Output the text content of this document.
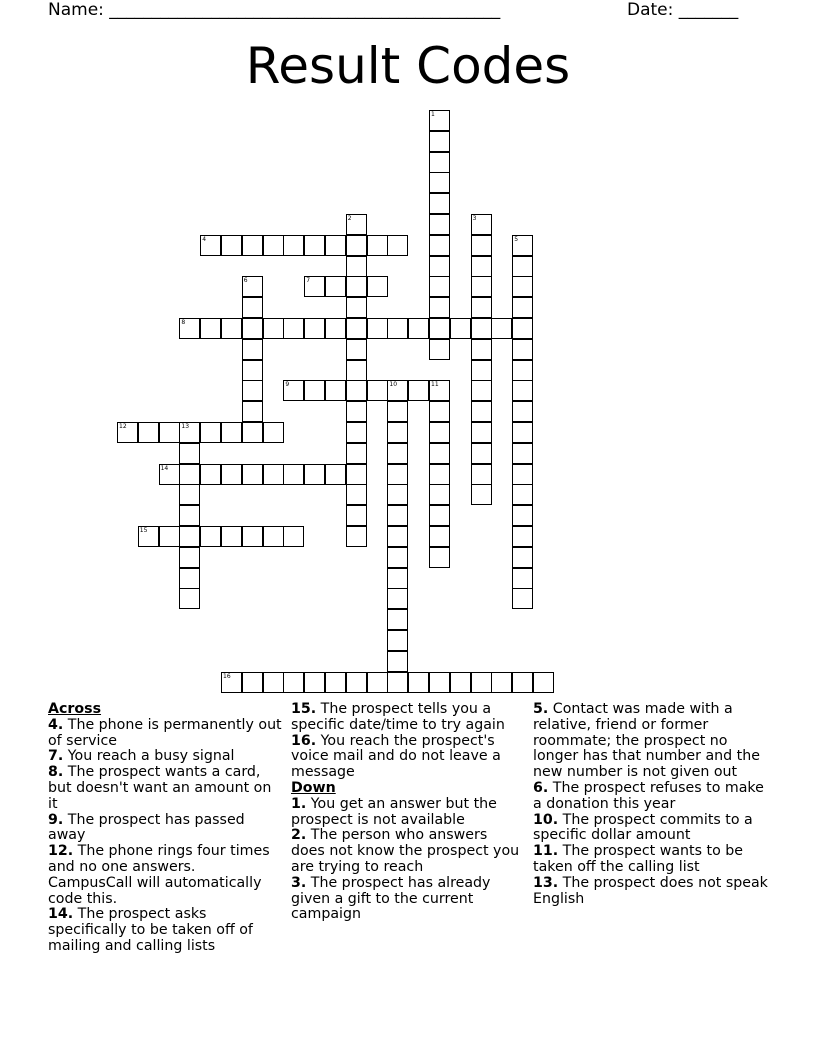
Name: ______________________________________________	Date: _______
Result Codes
4
7
8
9	10	11
12	13
14
15
16
1
2	3
5
6
Across
4. The phone is permanently out of service
7. You reach a busy signal
8. The prospect wants a card, but doesn't want an amount on it
9. The prospect has passed away
12. The phone rings four times and no one answers. CampusCall will automatically code this.
14. The prospect asks specifically to be taken off of mailing and calling lists
15. The prospect tells you a specific date/time to try again
16. You reach the prospect's voice mail and do not leave a message
Down
1. You get an answer but the prospect is not available
2. The person who answers does not know the prospect you are trying to reach
3. The prospect has already given a gift to the current campaign
5. Contact was made with a relative, friend or former roommate; the prospect no longer has that number and the new number is not given out
6. The prospect refuses to make a donation this year
10. The prospect commits to a specific dollar amount
11. The prospect wants to be taken off the calling list
13. The prospect does not speak English
